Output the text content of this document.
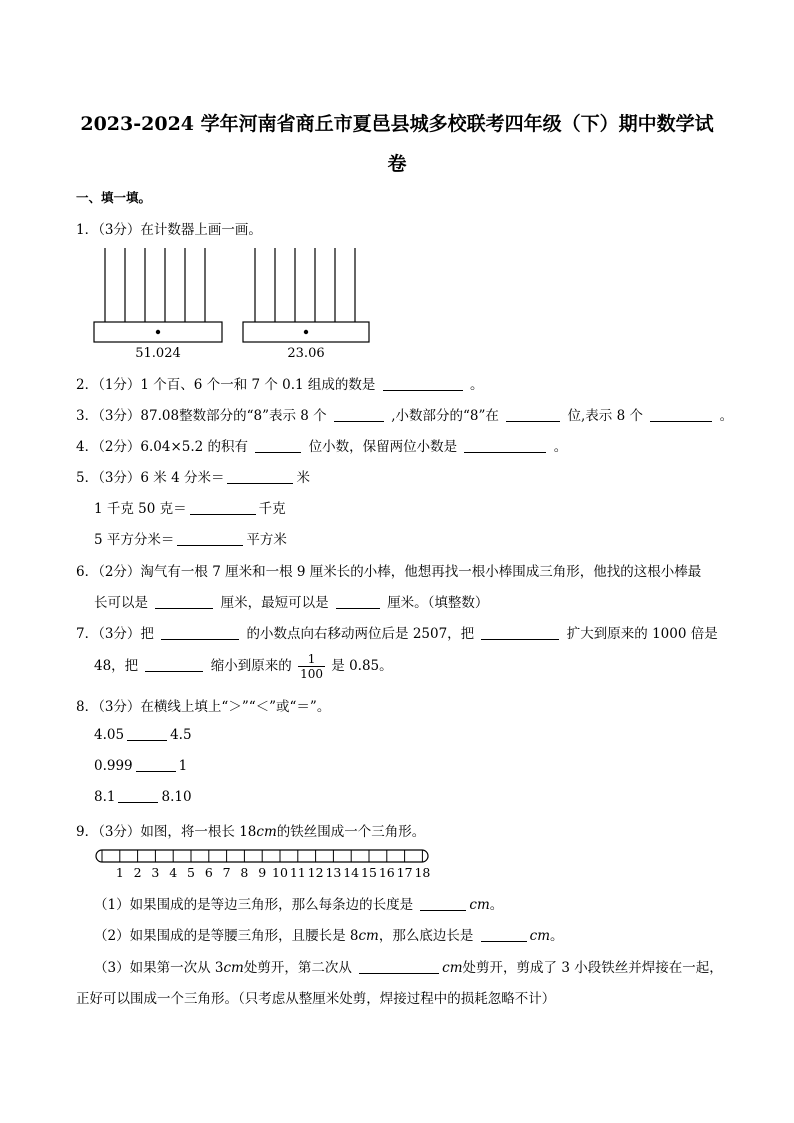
2023-2024 学年河南省商丘市夏邑县城多校联考四年级（下）期中数学试
卷
一、填一填。
1．（3分）在计数器上画一画。
51.024	23.06
2．（1分）1 个百、6 个一和 7 个 0.1 组成的数是	。
3．（3分）87.08整数部分的“8”表示 8 个	,小数部分的“8”在	位,表示 8 个	。
4．（2分）6.04×5.2 的积有	位小数，保留两位小数是	。
5．（3分）6 米 4 分米＝	米
1 千克 50 克＝	千克
5 平方分米＝	平方米
6．（2分）淘气有一根 7 厘米和一根 9 厘米长的小棒，他想再找一根小棒围成三角形，他找的这根小棒最
长可以是	厘米，最短可以是	厘米。（填整数）
7．（3分）把	的小数点向右移动两位后是 2507，把	扩大到原来的 1000 倍是
48，把	缩小到原来的 $\frac{1}{100}$ 是 0.85。
8．（3分）在横线上填上“＞”“＜”或“＝”。
4.05	4.5
0.999	1
8.1	8.10
9．（3分）如图，将一根长 18cm的铁丝围成一个三角形。
1 2 3 4 5 6 7 8 9 10 11 12 13 14 15 16 17 18
（1）如果围成的是等边三角形，那么每条边的长度是	cm。
（2）如果围成的是等腰三角形，且腰长是 8cm，那么底边长是	cm。
（3）如果第一次从 3cm处剪开，第二次从	cm处剪开，剪成了 3 小段铁丝并焊接在一起，
正好可以围成一个三角形。（只考虑从整厘米处剪，焊接过程中的损耗忽略不计）
